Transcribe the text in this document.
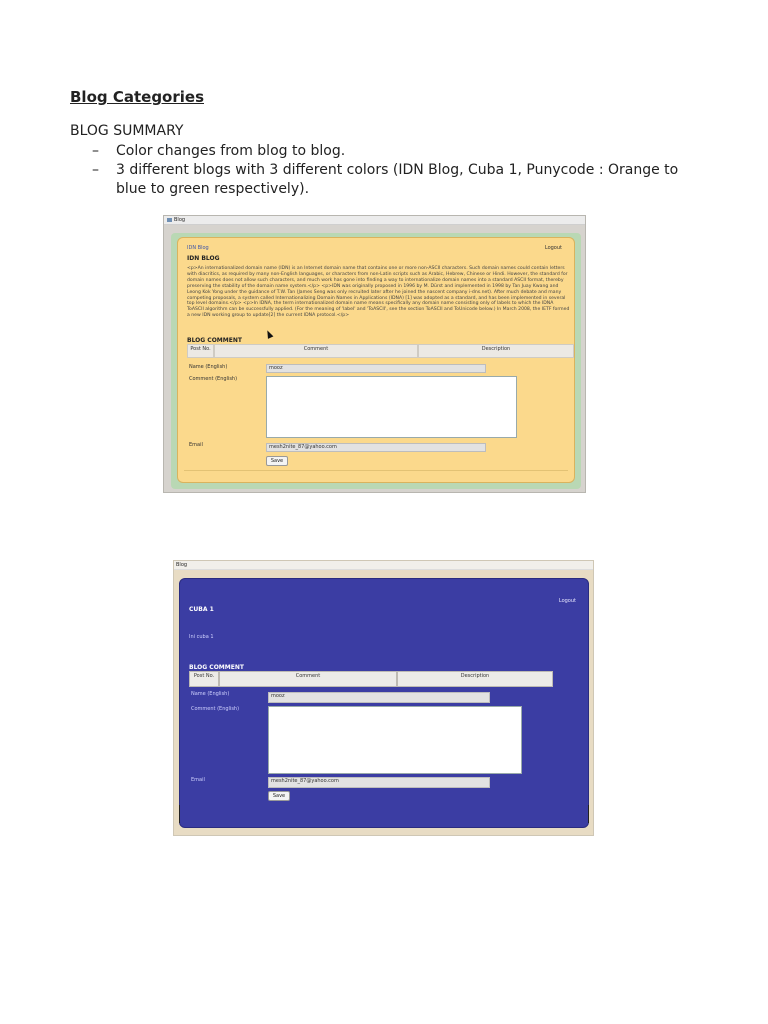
Blog Categories

BLOG SUMMARY

– Color changes from blog to blog.
– 3 different blogs with 3 different colors (IDN Blog, Cuba 1, Punycode : Orange to blue to green respectively).
Blog
IDN Blog	Logout
IDN BLOG

<p>An internationalized domain name (IDN) is an Internet domain name that contains one or more non-ASCII characters. Such domain names could contain letters with diacritics, as required by many non-English languages, or characters from non-Latin scripts such as Arabic, Hebrew, Chinese or Hindi. However, the standard for domain names does not allow such characters, and much work has gone into finding a way to internationalize domain names into a standard ASCII format, thereby preserving the stability of the domain name system.</p> <p>IDN was originally proposed in 1996 by M. Dürst and implemented in 1998 by Tan Juay Kwang and Leong Kok Yong under the guidance of T.W. Tan (James Seng was only recruited later after he joined the nascent company i-dns.net). After much debate and many competing proposals, a system called Internationalizing Domain Names in Applications (IDNA) [1] was adopted as a standard, and has been implemented in several top level domains.</p> <p>In IDNA, the term internationalized domain name means specifically any domain name consisting only of labels to which the IDNA ToASCII algorithm can be successfully applied. (For the meaning of 'label' and 'ToASCII', see the section ToASCII and ToUnicode below.) In March 2008, the IETF formed a new IDN working group to update[2] the current IDNA protocol.</p>

BLOG COMMENT
Post No.	Comment	Description
Name (English)	mooz
Comment (English)
Email	mesh2nite_87@yahoo.com
Save
Blog
CUBA 1
Logout
Ini cuba 1
BLOG COMMENT
Post No.	Comment	Description
Name (English)	mooz
Comment (English)
Email	mesh2nite_87@yahoo.com
Save
